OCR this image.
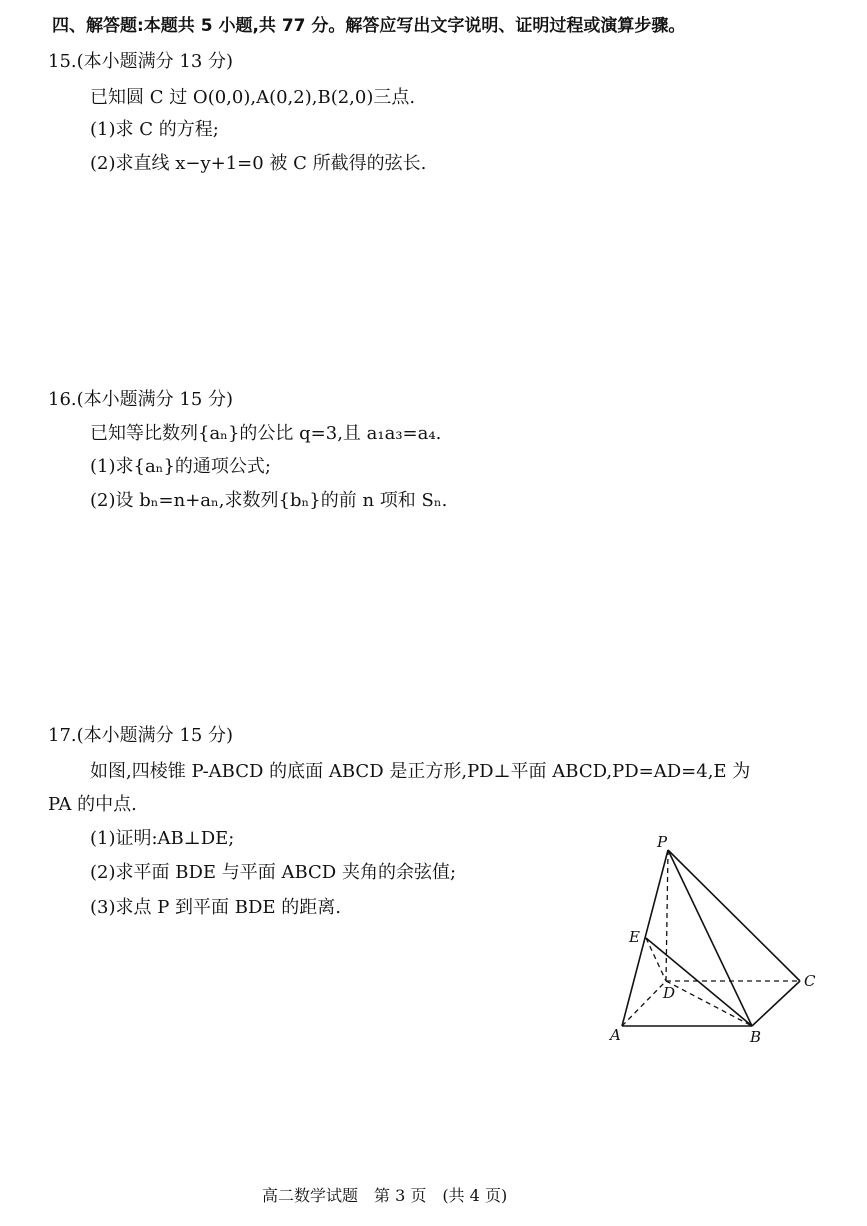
四、解答题:本题共 5 小题,共 77 分。解答应写出文字说明、证明过程或演算步骤。
15.(本小题满分 13 分)
已知圆 C 过 O(0,0),A(0,2),B(2,0)三点.
(1)求 C 的方程;
(2)求直线 x−y+1=0 被 C 所截得的弦长.
16.(本小题满分 15 分)
已知等比数列{aₙ}的公比 q=3,且 a₁a₃=a₄.
(1)求{aₙ}的通项公式;
(2)设 bₙ=n+aₙ,求数列{bₙ}的前 n 项和 Sₙ.
17.(本小题满分 15 分)
如图,四棱锥 P-ABCD 的底面 ABCD 是正方形,PD⊥平面 ABCD,PD=AD=4,E 为
PA 的中点.
(1)证明:AB⊥DE;
(2)求平面 BDE 与平面 ABCD 夹角的余弦值;
(3)求点 P 到平面 BDE 的距离.
P
E
D
C
A	B
高二数学试题　第 3 页　(共 4 页)
